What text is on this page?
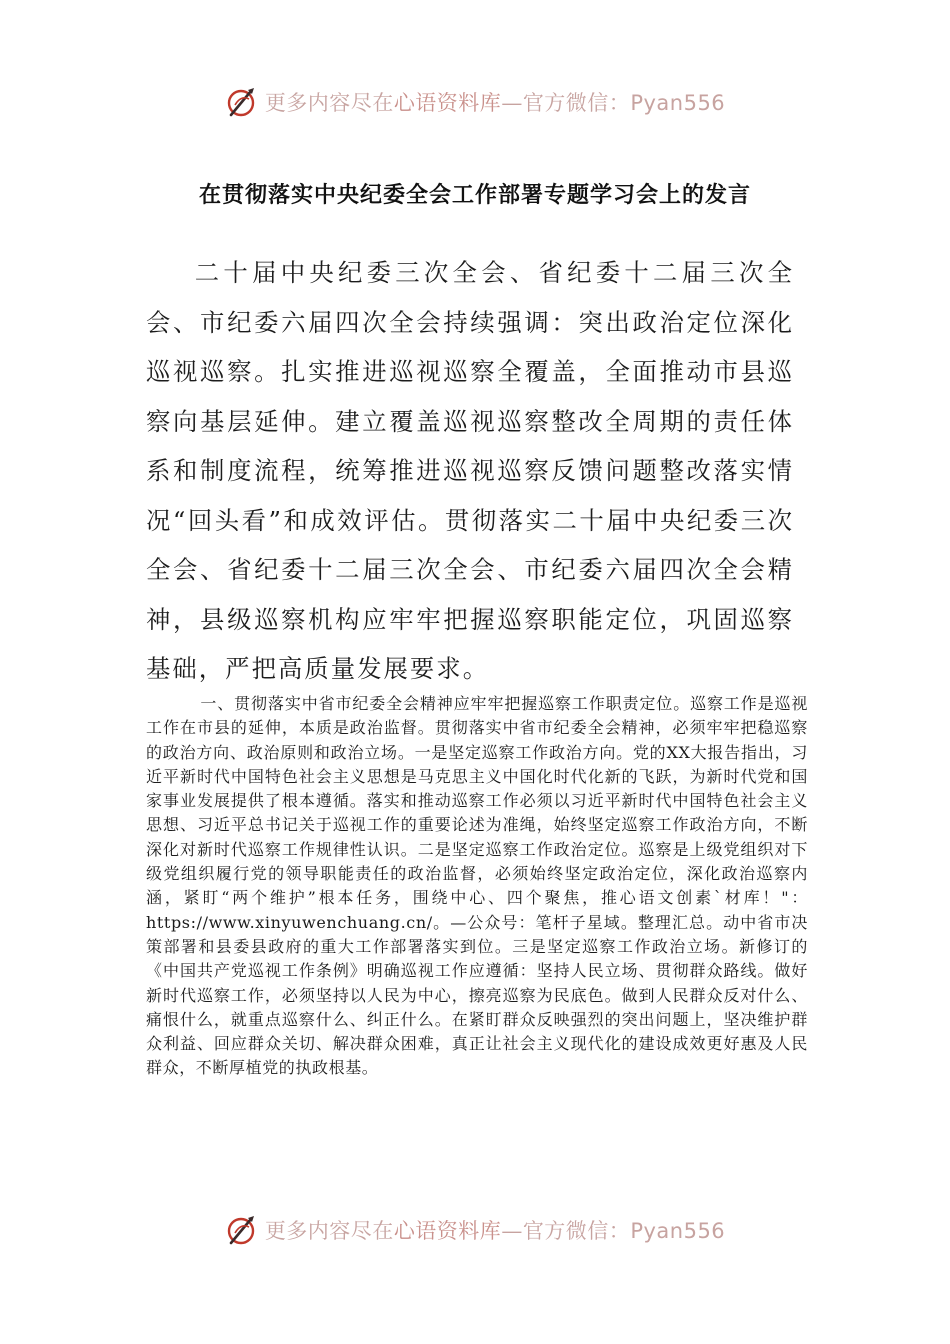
更多内容尽在心语资料库—官方微信：Pyan556
在贯彻落实中央纪委全会工作部署专题学习会上的发言

二十届中央纪委三次全会、省纪委十二届三次全会、市纪委六届四次全会持续强调：突出政治定位深化巡视巡察。扎实推进巡视巡察全覆盖，全面推动市县巡察向基层延伸。建立覆盖巡视巡察整改全周期的责任体系和制度流程，统筹推进巡视巡察反馈问题整改落实情况“回头看”和成效评估。贯彻落实二十届中央纪委三次全会、省纪委十二届三次全会、市纪委六届四次全会精神，县级巡察机构应牢牢把握巡察职能定位，巩固巡察基础，严把高质量发展要求。

一、贯彻落实中省市纪委全会精神应牢牢把握巡察工作职责定位。巡察工作是巡视工作在市县的延伸，本质是政治监督。贯彻落实中省市纪委全会精神，必须牢牢把稳巡察的政治方向、政治原则和政治立场。一是坚定巡察工作政治方向。党的XX大报告指出，习近平新时代中国特色社会主义思想是马克思主义中国化时代化新的飞跃，为新时代党和国家事业发展提供了根本遵循。落实和推动巡察工作必须以习近平新时代中国特色社会主义思想、习近平总书记关于巡视工作的重要论述为准绳，始终坚定巡察工作政治方向，不断深化对新时代巡察工作规律性认识。二是坚定巡察工作政治定位。巡察是上级党组织对下级党组织履行党的领导职能责任的政治监督，必须始终坚定政治定位，深化政治巡察内涵，紧盯“两个维护”根本任务，围绕中心、四个聚焦，推心语文创素`材库！"：https://www.xinyuwenchuang.cn/。—公众号：笔杆子星域。整理汇总。动中省市决策部署和县委县政府的重大工作部署落实到位。三是坚定巡察工作政治立场。新修订的《中国共产党巡视工作条例》明确巡视工作应遵循：坚持人民立场、贯彻群众路线。做好新时代巡察工作，必须坚持以人民为中心，擦亮巡察为民底色。做到人民群众反对什么、痛恨什么，就重点巡察什么、纠正什么。在紧盯群众反映强烈的突出问题上，坚决维护群众利益、回应群众关切、解决群众困难，真正让社会主义现代化的建设成效更好惠及人民群众，不断厚植党的执政根基。

更多内容尽在心语资料库—官方微信：Pyan556
